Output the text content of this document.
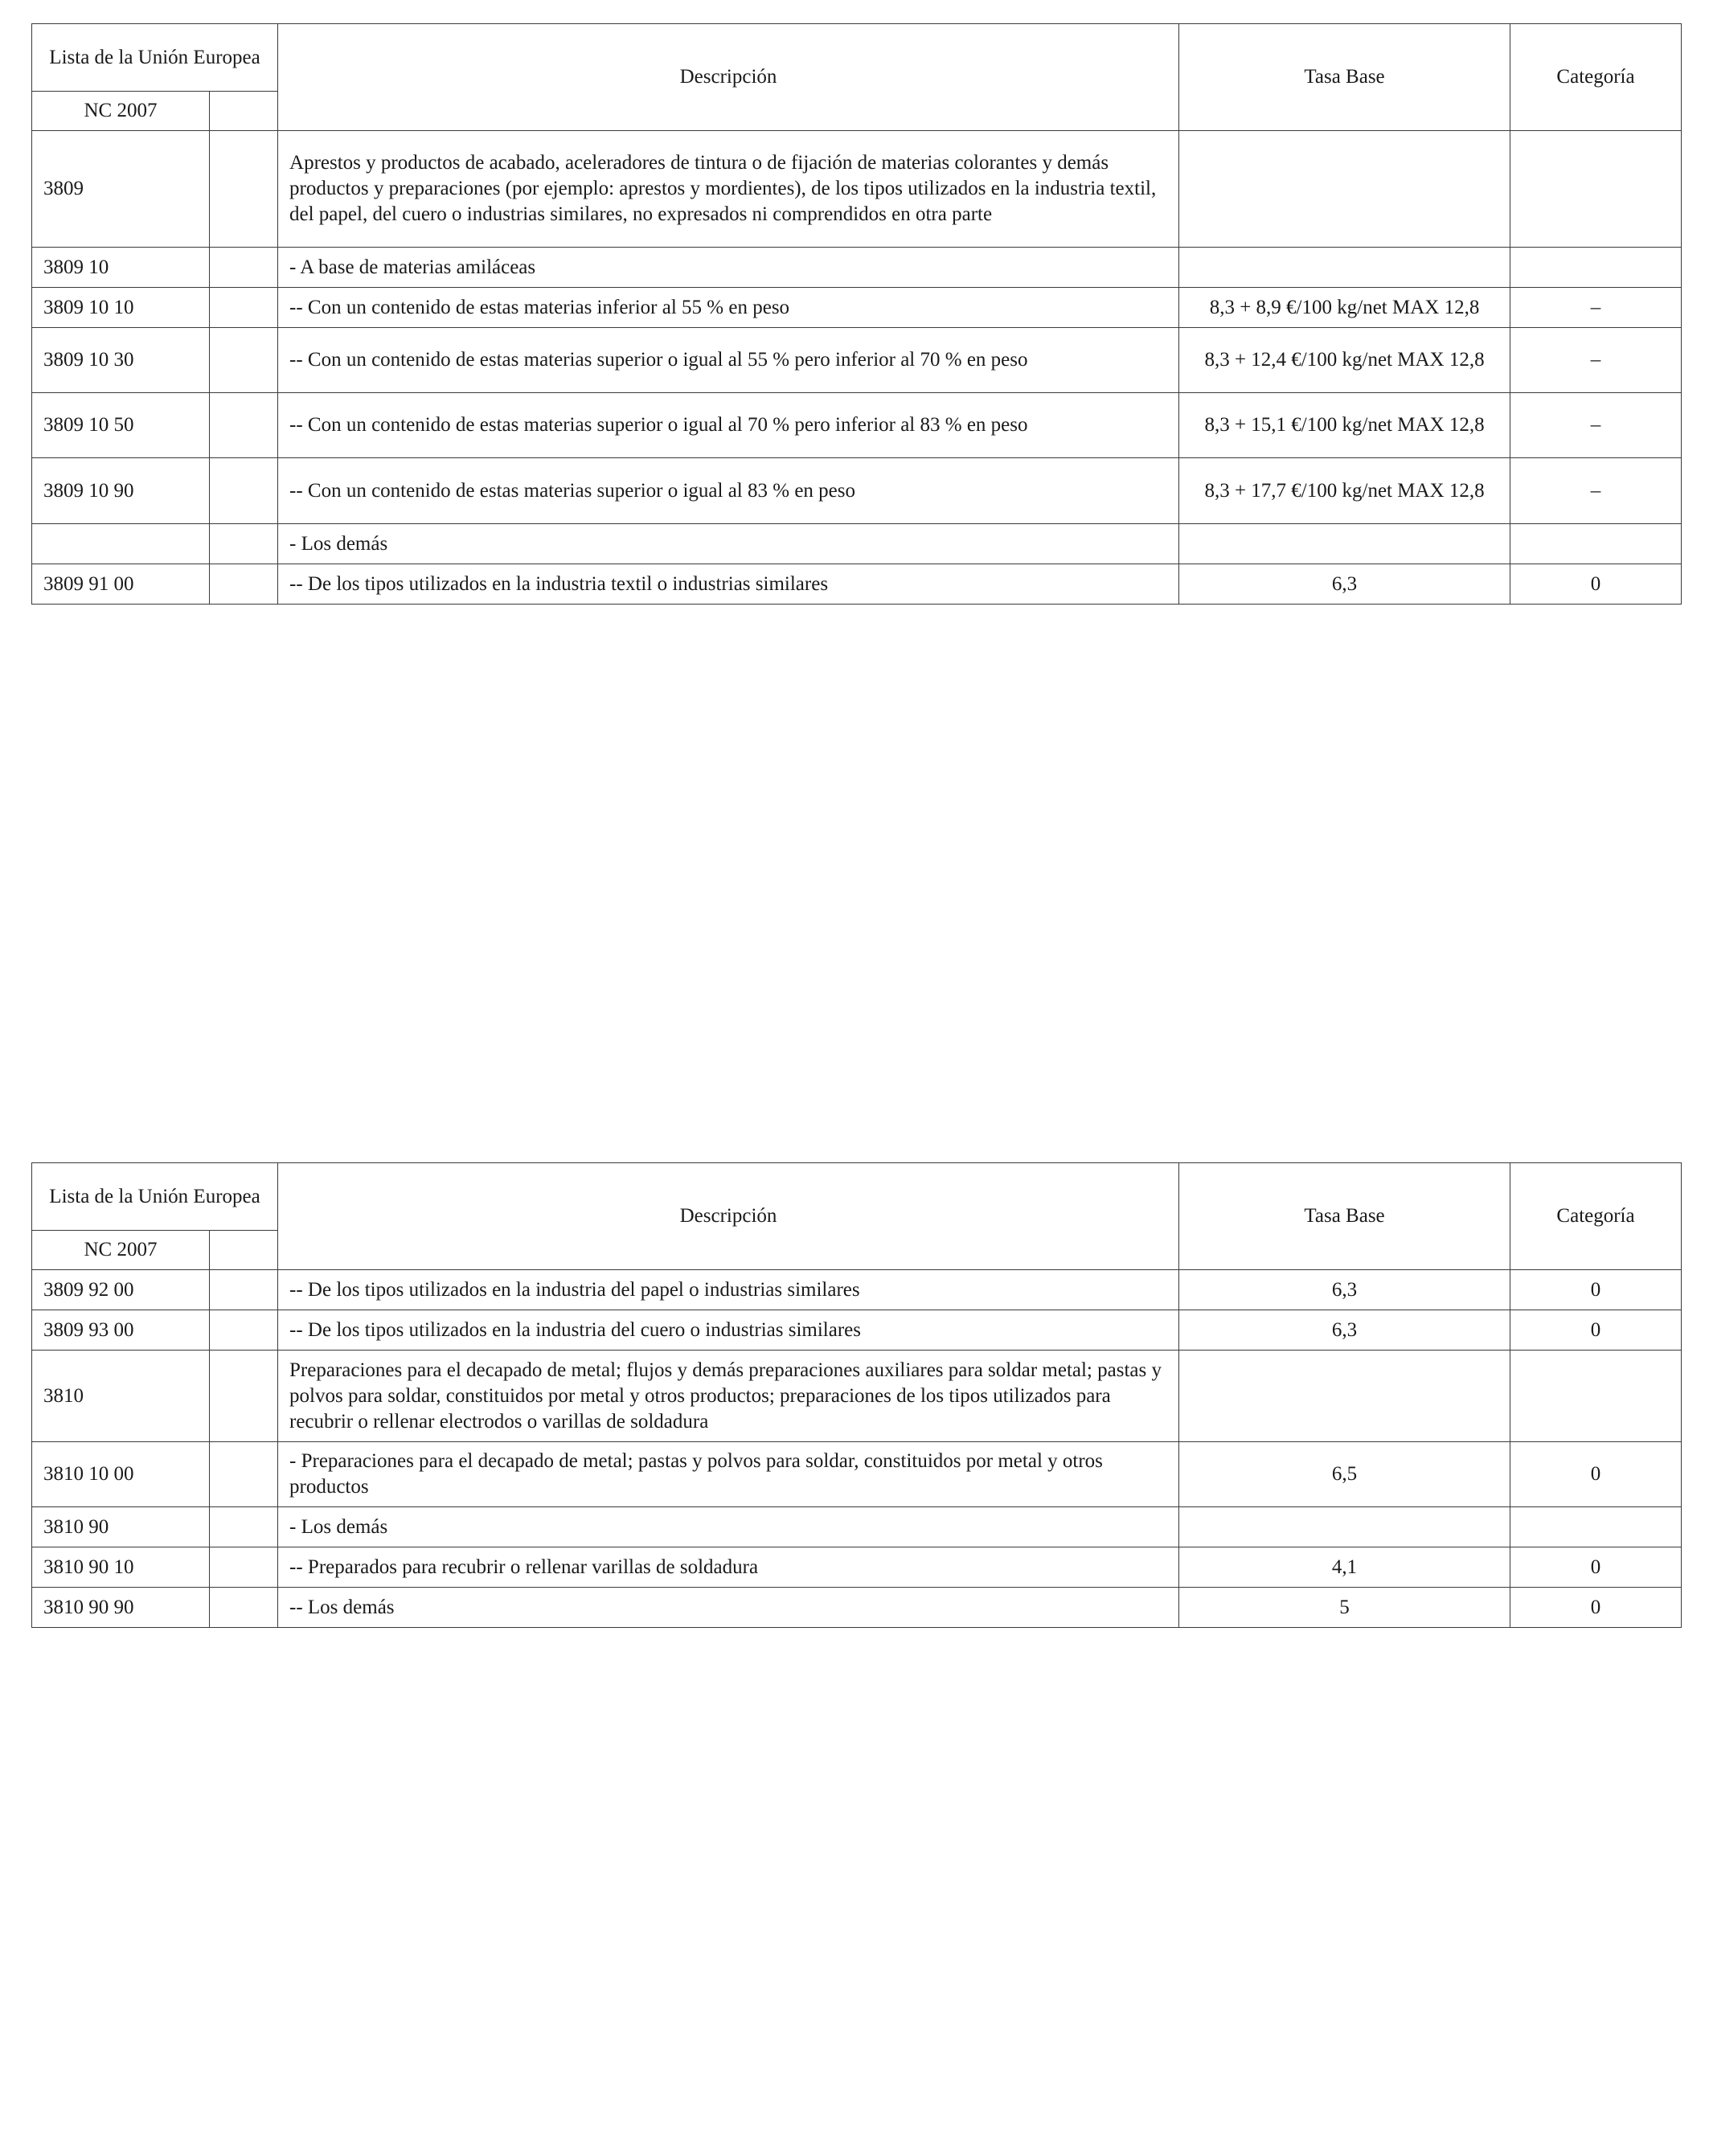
Lista de la Unión Europea		Descripción	Tasa Base	Categoría
NC 2007				
3809		Aprestos y productos de acabado, aceleradores de tintura o de fijación de materias colorantes y demás productos y preparaciones (por ejemplo: aprestos y mordientes), de los tipos utilizados en la industria textil, del papel, del cuero o industrias similares, no expresados ni comprendidos en otra parte		
3809 10		- A base de materias amiláceas		
3809 10 10		-- Con un contenido de estas materias inferior al 55 % en peso	8,3 + 8,9 €/100 kg/net MAX 12,8	–
3809 10 30		-- Con un contenido de estas materias superior o igual al 55 % pero inferior al 70 % en peso	8,3 + 12,4 €/100 kg/net MAX 12,8	–
3809 10 50		-- Con un contenido de estas materias superior o igual al 70 % pero inferior al 83 % en peso	8,3 + 15,1 €/100 kg/net MAX 12,8	–
3809 10 90		-- Con un contenido de estas materias superior o igual al 83 % en peso	8,3 + 17,7 €/100 kg/net MAX 12,8	–
		- Los demás		
3809 91 00		-- De los tipos utilizados en la industria textil o industrias similares	6,3	0
Lista de la Unión Europea		Descripción	Tasa Base	Categoría
NC 2007				
3809 92 00		-- De los tipos utilizados en la industria del papel o industrias similares	6,3	0
3809 93 00		-- De los tipos utilizados en la industria del cuero o industrias similares	6,3	0
3810		Preparaciones para el decapado de metal; flujos y demás preparaciones auxiliares para soldar metal; pastas y polvos para soldar, constituidos por metal y otros productos; preparaciones de los tipos utilizados para recubrir o rellenar electrodos o varillas de soldadura		
3810 10 00		- Preparaciones para el decapado de metal; pastas y polvos para soldar, constituidos por metal y otros productos	6,5	0
3810 90		- Los demás		
3810 90 10		-- Preparados para recubrir o rellenar varillas de soldadura	4,1	0
3810 90 90		-- Los demás	5	0
